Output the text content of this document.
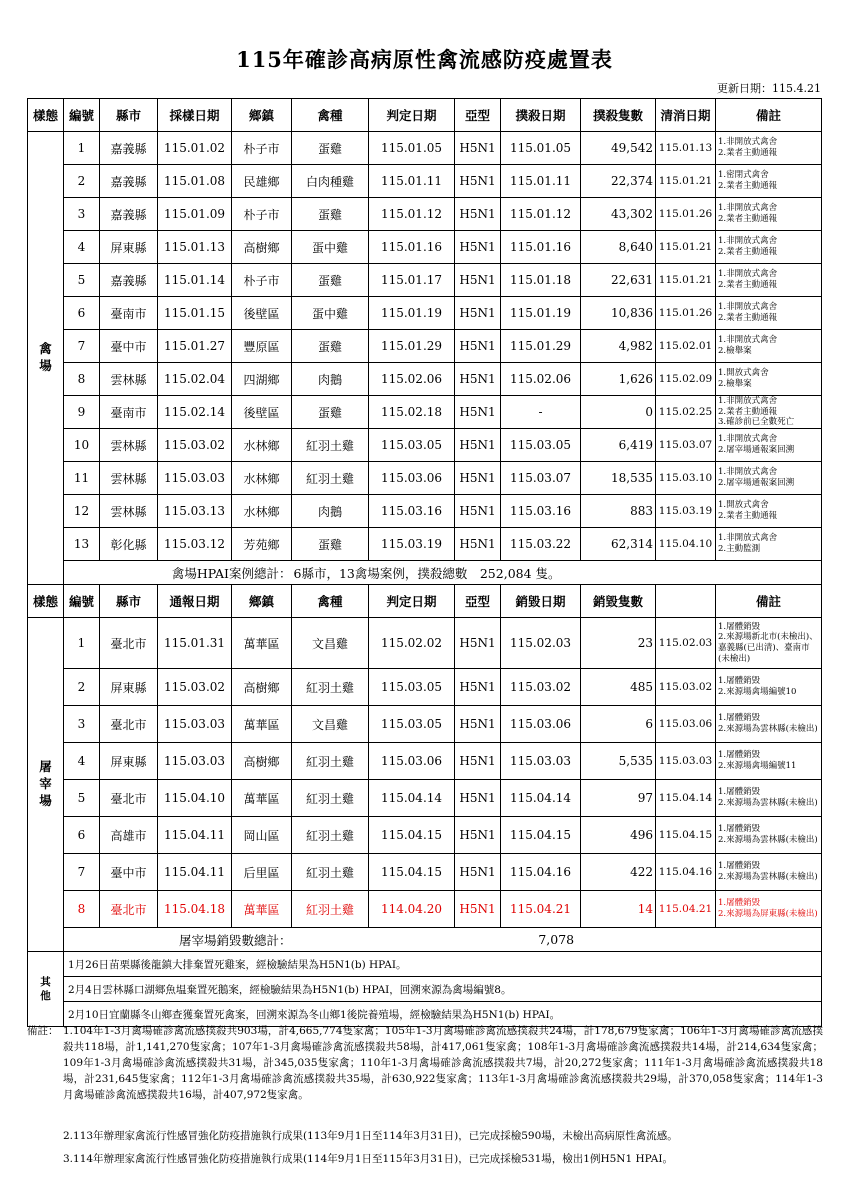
115年確診高病原性禽流感防疫處置表
更新日期：115.4.21
樣態	編號	縣市	採樣日期	鄉鎮	禽種	判定日期	亞型	撲殺日期	撲殺隻數	清消日期	備註

禽
場	1	嘉義縣	115.01.02	朴子市	蛋雞	115.01.05	H5N1	115.01.05	49,542	115.01.13	1.非開放式禽舍
2.業者主動通報
	2	嘉義縣	115.01.08	民雄鄉	白肉種雞	115.01.11	H5N1	115.01.11	22,374	115.01.21	1.密閉式禽舍
2.業者主動通報
	3	嘉義縣	115.01.09	朴子市	蛋雞	115.01.12	H5N1	115.01.12	43,302	115.01.26	1.非開放式禽舍
2.業者主動通報
	4	屏東縣	115.01.13	高樹鄉	蛋中雞	115.01.16	H5N1	115.01.16	8,640	115.01.21	1.非開放式禽舍
2.業者主動通報
	5	嘉義縣	115.01.14	朴子市	蛋雞	115.01.17	H5N1	115.01.18	22,631	115.01.21	1.非開放式禽舍
2.業者主動通報
	6	臺南市	115.01.15	後壁區	蛋中雞	115.01.19	H5N1	115.01.19	10,836	115.01.26	1.非開放式禽舍
2.業者主動通報
	7	臺中市	115.01.27	豐原區	蛋雞	115.01.29	H5N1	115.01.29	4,982	115.02.01	1.非開放式禽舍
2.檢舉案
	8	雲林縣	115.02.04	四湖鄉	肉鵝	115.02.06	H5N1	115.02.06	1,626	115.02.09	1.開放式禽舍
2.檢舉案
	9	臺南市	115.02.14	後壁區	蛋雞	115.02.18	H5N1	-	0	115.02.25	1.非開放式禽舍
2.業者主動通報
3.確診前已全數死亡
	10	雲林縣	115.03.02	水林鄉	紅羽土雞	115.03.05	H5N1	115.03.05	6,419	115.03.07	1.非開放式禽舍
2.屠宰場通報案回溯
	11	雲林縣	115.03.03	水林鄉	紅羽土雞	115.03.06	H5N1	115.03.07	18,535	115.03.10	1.非開放式禽舍
2.屠宰場通報案回溯
	12	雲林縣	115.03.13	水林鄉	肉鵝	115.03.16	H5N1	115.03.16	883	115.03.19	1.開放式禽舍
2.業者主動通報
	13	彰化縣	115.03.12	芳苑鄉	蛋雞	115.03.19	H5N1	115.03.22	62,314	115.04.10	1.非開放式禽舍
2.主動監測
	禽場HPAI案例總計：				6縣市，13禽場案例，撲殺總數　252,084 隻。						
樣態	編號	縣市	通報日期	鄉鎮	禽種	判定日期	亞型	銷毀日期	銷毀隻數		備註

屠
宰
場	1	臺北市	115.01.31	萬華區	文昌雞	115.02.02	H5N1	115.02.03	23	115.02.03	1.屠體銷毀
2.來源場新北市(未檢出)、嘉義縣(已出清)、臺南市(未檢出)
	2	屏東縣	115.03.02	高樹鄉	紅羽土雞	115.03.05	H5N1	115.03.02	485	115.03.02	1.屠體銷毀
2.來源場禽場編號10
	3	臺北市	115.03.03	萬華區	文昌雞	115.03.05	H5N1	115.03.06	6	115.03.06	1.屠體銷毀
2.來源場為雲林縣(未檢出)
	4	屏東縣	115.03.03	高樹鄉	紅羽土雞	115.03.06	H5N1	115.03.03	5,535	115.03.03	1.屠體銷毀
2.來源場禽場編號11
	5	臺北市	115.04.10	萬華區	紅羽土雞	115.04.14	H5N1	115.04.14	97	115.04.14	1.屠體銷毀
2.來源場為雲林縣(未檢出)
	6	高雄市	115.04.11	岡山區	紅羽土雞	115.04.15	H5N1	115.04.15	496	115.04.15	1.屠體銷毀
2.來源場為雲林縣(未檢出)
	7	臺中市	115.04.11	后里區	紅羽土雞	115.04.15	H5N1	115.04.16	422	115.04.16	1.屠體銷毀
2.來源場為雲林縣(未檢出)
	8	臺北市	115.04.18	萬華區	紅羽土雞	114.04.20	H5N1	115.04.21	14	115.04.21	1.屠體銷毀
2.來源場為屏東縣(未檢出)
	屠宰場銷毀數總計：				7,078						

其
他	1月26日苗栗縣後龍鎮大排棄置死雞案，經檢驗結果為H5N1(b) HPAI。										
	2月4日雲林縣口湖鄉魚塭棄置死鵝案，經檢驗結果為H5N1(b) HPAI，回溯來源為禽場編號8。										
	2月10日宜蘭縣冬山鄉查獲棄置死禽案，回溯來源為冬山鄉1後院養殖場，經檢驗結果為H5N1(b) HPAI。										
備註： 1.104年1-3月禽場確診禽流感撲殺共903場，計4,665,774隻家禽；105年1-3月禽場確診禽流感撲殺共24場，計178,679隻家禽；106年1-3月禽場確診禽流感撲殺共118場，計1,141,270隻家禽；107年1-3月禽場確診禽流感撲殺共58場，計417,061隻家禽；108年1-3月禽場確診禽流感撲殺共14場，計214,634隻家禽；109年1-3月禽場確診禽流感撲殺共31場，計345,035隻家禽；110年1-3月禽場確診禽流感撲殺共7場，計20,272隻家禽；111年1-3月禽場確診禽流感撲殺共18場，計231,645隻家禽；112年1-3月禽場確診禽流感撲殺共35場，計630,922隻家禽；113年1-3月禽場確診禽流感撲殺共29場，計370,058隻家禽；114年1-3月禽場確診禽流感撲殺共16場，計407,972隻家禽。
2.113年辦理家禽流行性感冒強化防疫措施執行成果(113年9月1日至114年3月31日)，已完成採檢590場，未檢出高病原性禽流感。
3.114年辦理家禽流行性感冒強化防疫措施執行成果(114年9月1日至115年3月31日)，已完成採檢531場，檢出1例H5N1 HPAI。
